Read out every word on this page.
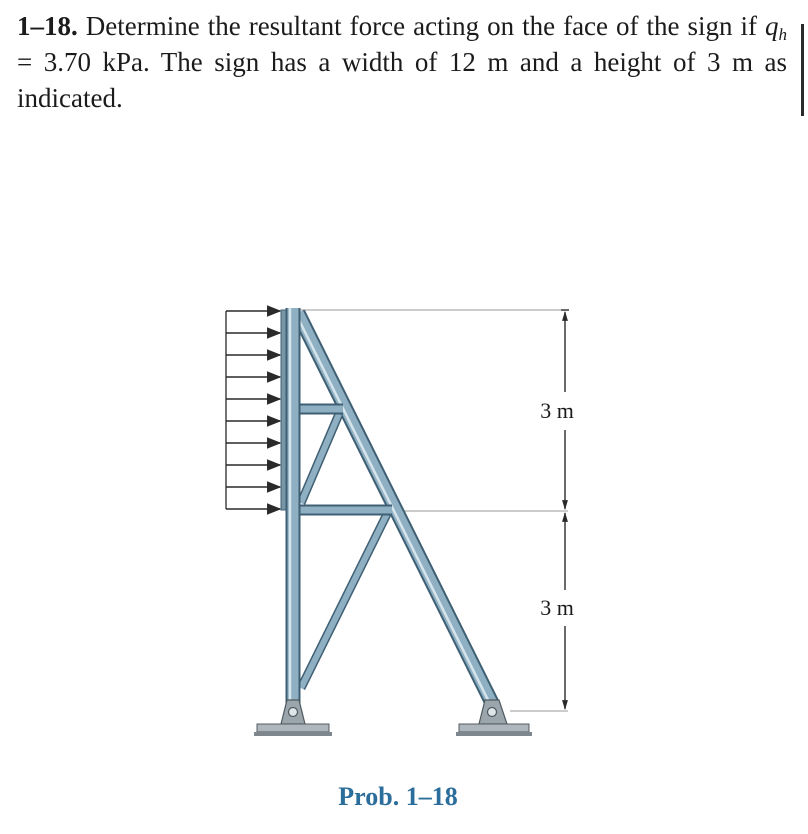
1–18. Determine the resultant force acting on the face of the sign if $q_h = 3.70$ kPa. The sign has a width of 12 m and a height of 3 m as indicated.

3 m
3 m
Prob. 1–18
